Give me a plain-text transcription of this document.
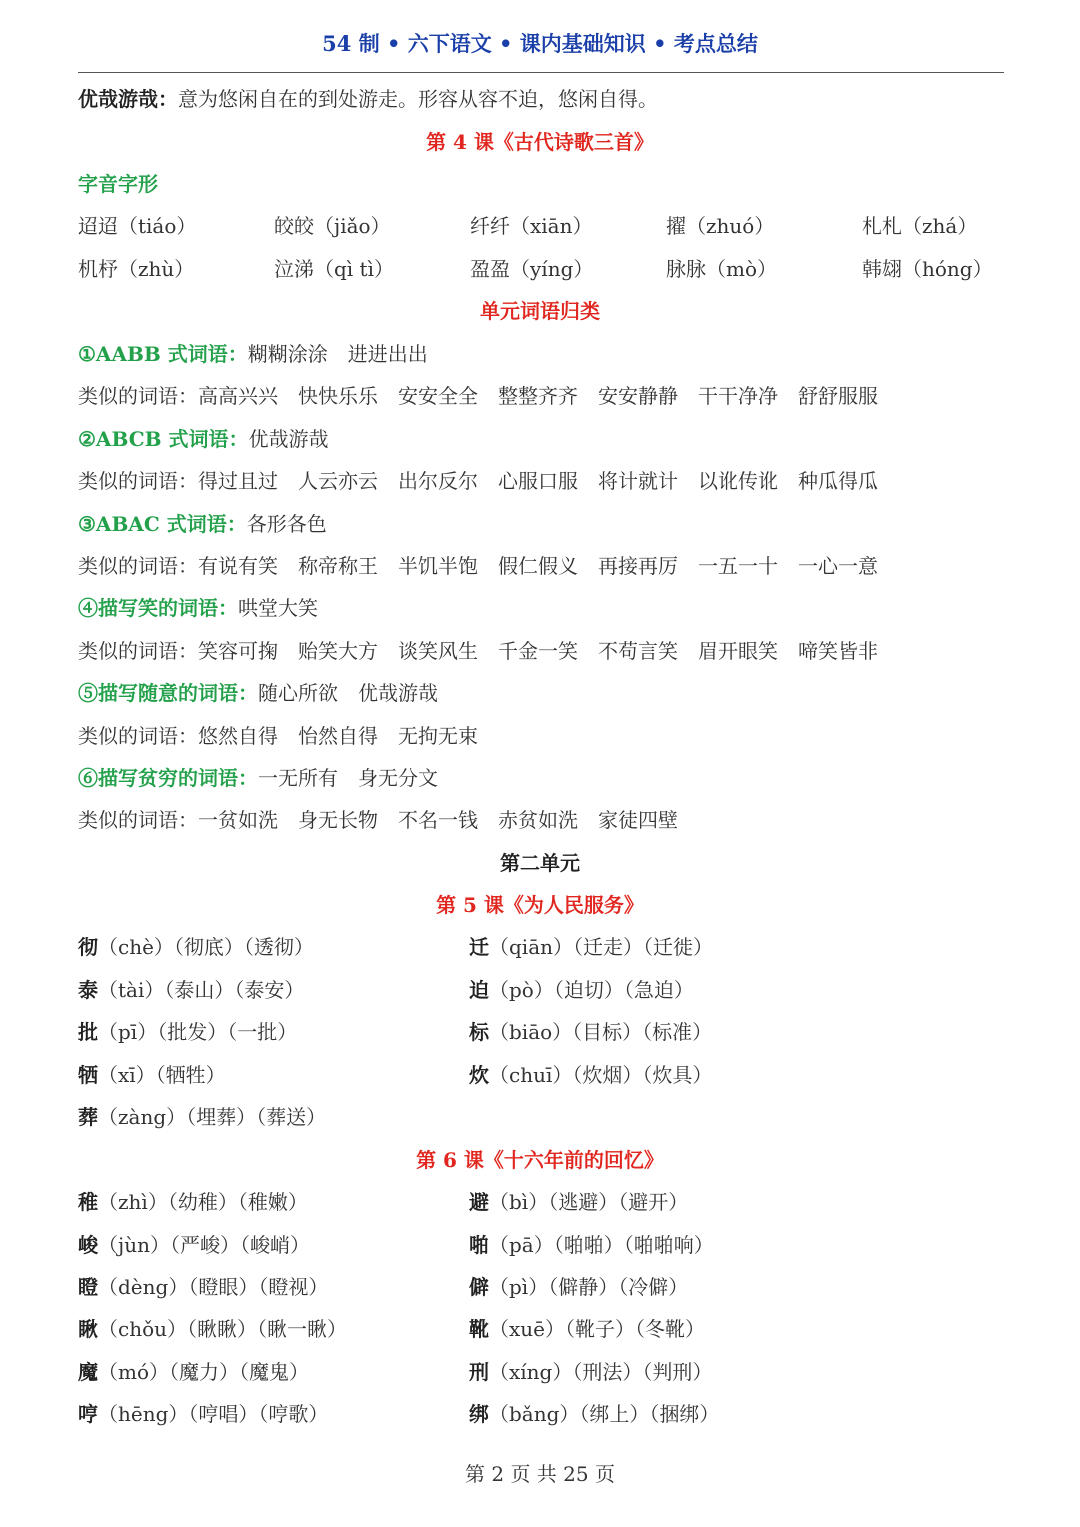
54 制 • 六下语文 • 课内基础知识 • 考点总结
优哉游哉：意为悠闲自在的到处游走。形容从容不迫，悠闲自得。
第 4 课《古代诗歌三首》
字音字形
迢迢（tiáo）	皎皎（jiǎo）	纤纤（xiān）	擢（zhuó）	札札（zhá）
机杼（zhù）	泣涕（qì tì）	盈盈（yíng）	脉脉（mò）	韩翃（hóng）
单元词语归类
①AABB 式词语：糊糊涂涂　进进出出
类似的词语：高高兴兴 快快乐乐 安安全全 整整齐齐 安安静静 干干净净 舒舒服服
②ABCB 式词语：优哉游哉
类似的词语：得过且过 人云亦云 出尔反尔 心服口服 将计就计 以讹传讹 种瓜得瓜
③ABAC 式词语：各形各色
类似的词语：有说有笑 称帝称王 半饥半饱 假仁假义 再接再厉 一五一十 一心一意
④描写笑的词语：哄堂大笑
类似的词语：笑容可掬 贻笑大方 谈笑风生 千金一笑 不苟言笑 眉开眼笑 啼笑皆非
⑤描写随意的词语：随心所欲　优哉游哉
类似的词语：悠然自得 怡然自得 无拘无束
⑥描写贫穷的词语：一无所有　身无分文
类似的词语：一贫如洗 身无长物 不名一钱 赤贫如洗 家徒四壁
第二单元
第 5 课《为人民服务》
彻（chè）（彻底）（透彻）	迁（qiān）（迁走）（迁徙）
泰（tài）（泰山）（泰安）	迫（pò）（迫切）（急迫）
批（pī）（批发）（一批）	标（biāo）（目标）（标准）
牺（xī）（牺牲）	炊（chuī）（炊烟）（炊具）
葬（zàng）（埋葬）（葬送）
第 6 课《十六年前的回忆》
稚（zhì）（幼稚）（稚嫩）	避（bì）（逃避）（避开）
峻（jùn）（严峻）（峻峭）	啪（pā）（啪啪）（啪啪响）
瞪（dèng）（瞪眼）（瞪视）	僻（pì）（僻静）（冷僻）
瞅（chǒu）（瞅瞅）（瞅一瞅）	靴（xuē）（靴子）（冬靴）
魔（mó）（魔力）（魔鬼）	刑（xíng）（刑法）（判刑）
哼（hēng）（哼唱）（哼歌）	绑（bǎng）（绑上）（捆绑）
第 2 页 共 25 页
